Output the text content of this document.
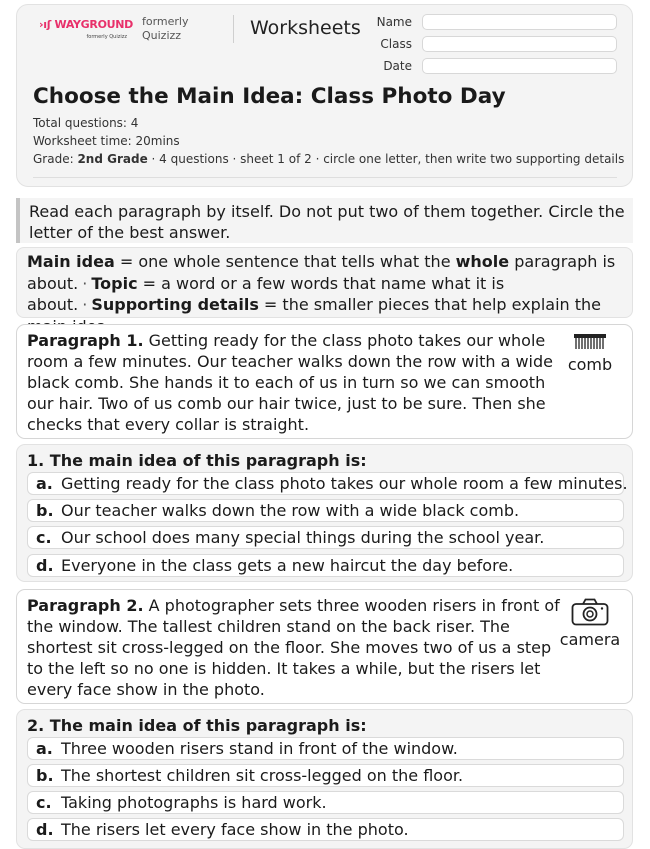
›ıʃ WAYGROUND
formerly Quizizz
formerly Quizizz	Worksheets	Name
Class
Date
Choose the Main Idea: Class Photo Day
Total questions: 4
Worksheet time: 20mins
Grade: 2nd Grade · 4 questions · sheet 1 of 2 · circle one letter, then write two supporting details
Read each paragraph by itself. Do not put two of them together. Circle the letter of the best answer.
Main idea = one whole sentence that tells what the whole paragraph is about. · Topic = a word or a few words that name what it is about. · Supporting details = the smaller pieces that help explain the
Paragraph 1. Getting ready for the class photo takes our whole room a few minutes. Our teacher walks down the row with a wide black comb. She hands it to each of us in turn so we can smooth our hair. Two of us comb our hair twice, just to be sure. Then she checks that every collar is straight.
comb
1. The main idea of this paragraph is:
a. Getting ready for the class photo takes our whole room a few minutes.
b. Our teacher walks down the row with a wide black comb.
c. Our school does many special things during the school year.
d. Everyone in the class gets a new haircut the day before.
Paragraph 2. A photographer sets three wooden risers in front of the window. The tallest children stand on the back riser. The shortest sit cross-legged on the floor. She moves two of us a step to the left so no one is hidden. It takes a while, but the risers let every face show in the photo.
camera
2. The main idea of this paragraph is:
a. Three wooden risers stand in front of the window.
b. The shortest children sit cross-legged on the floor.
c. Taking photographs is hard work.
d. The risers let every face show in the photo.
